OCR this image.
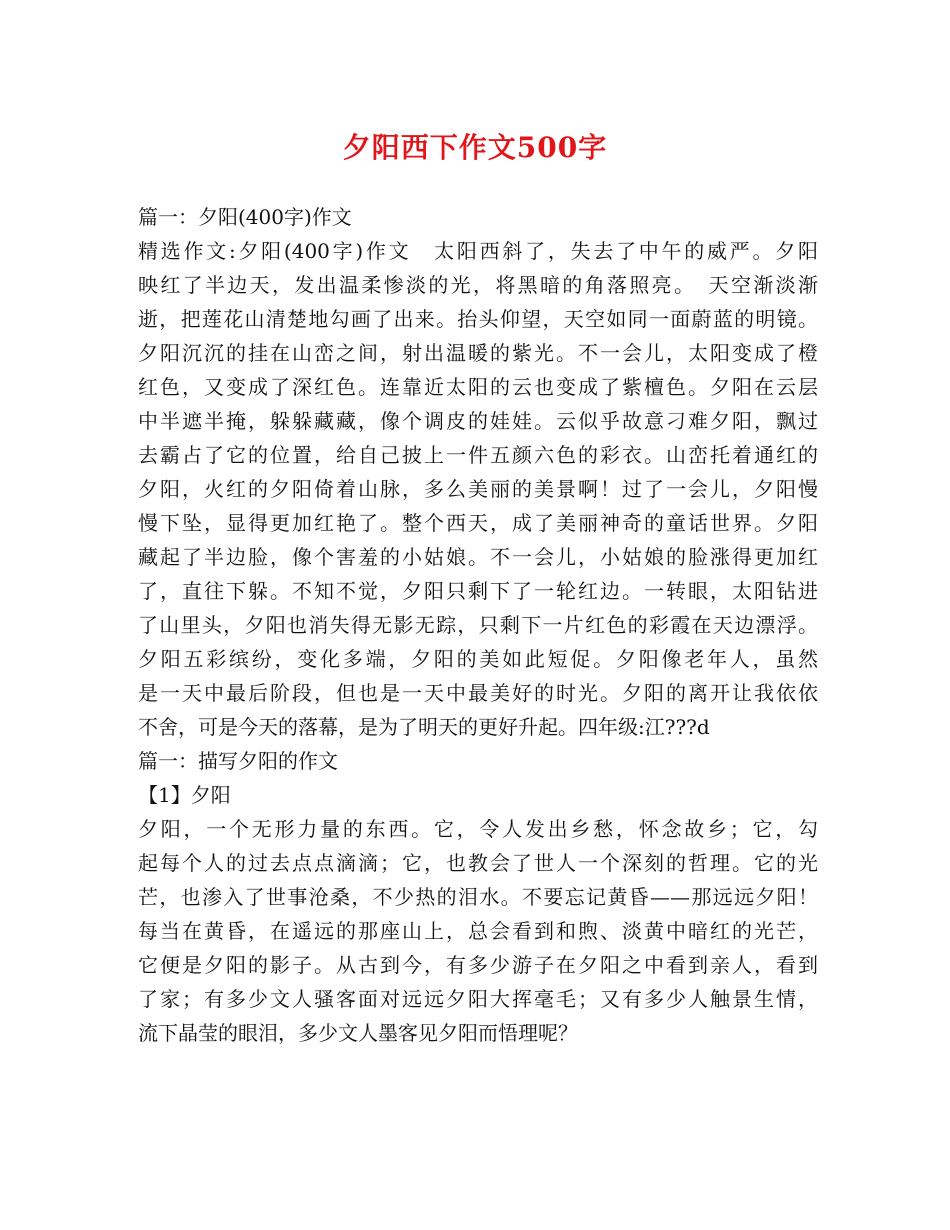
夕阳西下作文500字
篇一：夕阳(400字)作文
精选作文:夕阳(400字)作文　太阳西斜了，失去了中午的威严。夕阳
映红了半边天，发出温柔惨淡的光，将黑暗的角落照亮。　天空渐淡渐
逝，把莲花山清楚地勾画了出来。抬头仰望，天空如同一面蔚蓝的明镜。
夕阳沉沉的挂在山峦之间，射出温暖的紫光。不一会儿，太阳变成了橙
红色，又变成了深红色。连靠近太阳的云也变成了紫檀色。夕阳在云层
中半遮半掩，躲躲藏藏，像个调皮的娃娃。云似乎故意刁难夕阳，飘过
去霸占了它的位置，给自己披上一件五颜六色的彩衣。山峦托着通红的
夕阳，火红的夕阳倚着山脉，多么美丽的美景啊！过了一会儿，夕阳慢
慢下坠，显得更加红艳了。整个西天，成了美丽神奇的童话世界。夕阳
藏起了半边脸，像个害羞的小姑娘。不一会儿，小姑娘的脸涨得更加红
了，直往下躲。不知不觉，夕阳只剩下了一轮红边。一转眼，太阳钻进
了山里头，夕阳也消失得无影无踪，只剩下一片红色的彩霞在天边漂浮。
夕阳五彩缤纷，变化多端，夕阳的美如此短促。夕阳像老年人，虽然
是一天中最后阶段，但也是一天中最美好的时光。夕阳的离开让我依依
不舍，可是今天的落幕，是为了明天的更好升起。四年级:江???d
篇一：描写夕阳的作文
【1】夕阳
夕阳，一个无形力量的东西。它，令人发出乡愁，怀念故乡；它，勾
起每个人的过去点点滴滴；它，也教会了世人一个深刻的哲理。它的光
芒，也渗入了世事沧桑，不少热的泪水。不要忘记黄昏——那远远夕阳！
每当在黄昏，在遥远的那座山上，总会看到和煦、淡黄中暗红的光芒，
它便是夕阳的影子。从古到今，有多少游子在夕阳之中看到亲人，看到
了家；有多少文人骚客面对远远夕阳大挥毫毛；又有多少人触景生情，
流下晶莹的眼泪，多少文人墨客见夕阳而悟理呢？
